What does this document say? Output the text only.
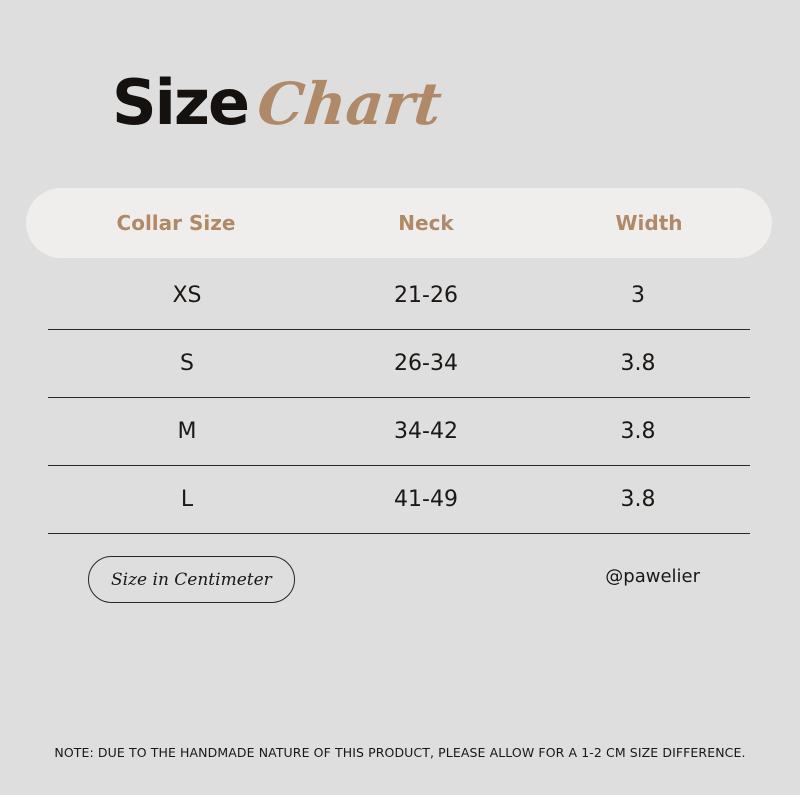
Size Chart
Collar Size	Neck	Width
XS	21-26	3
S	26-34	3.8
M	34-42	3.8
L	41-49	3.8
Size in Centimeter	@pawelier
NOTE: DUE TO THE HANDMADE NATURE OF THIS PRODUCT, PLEASE ALLOW FOR A 1-2 CM SIZE DIFFERENCE.
